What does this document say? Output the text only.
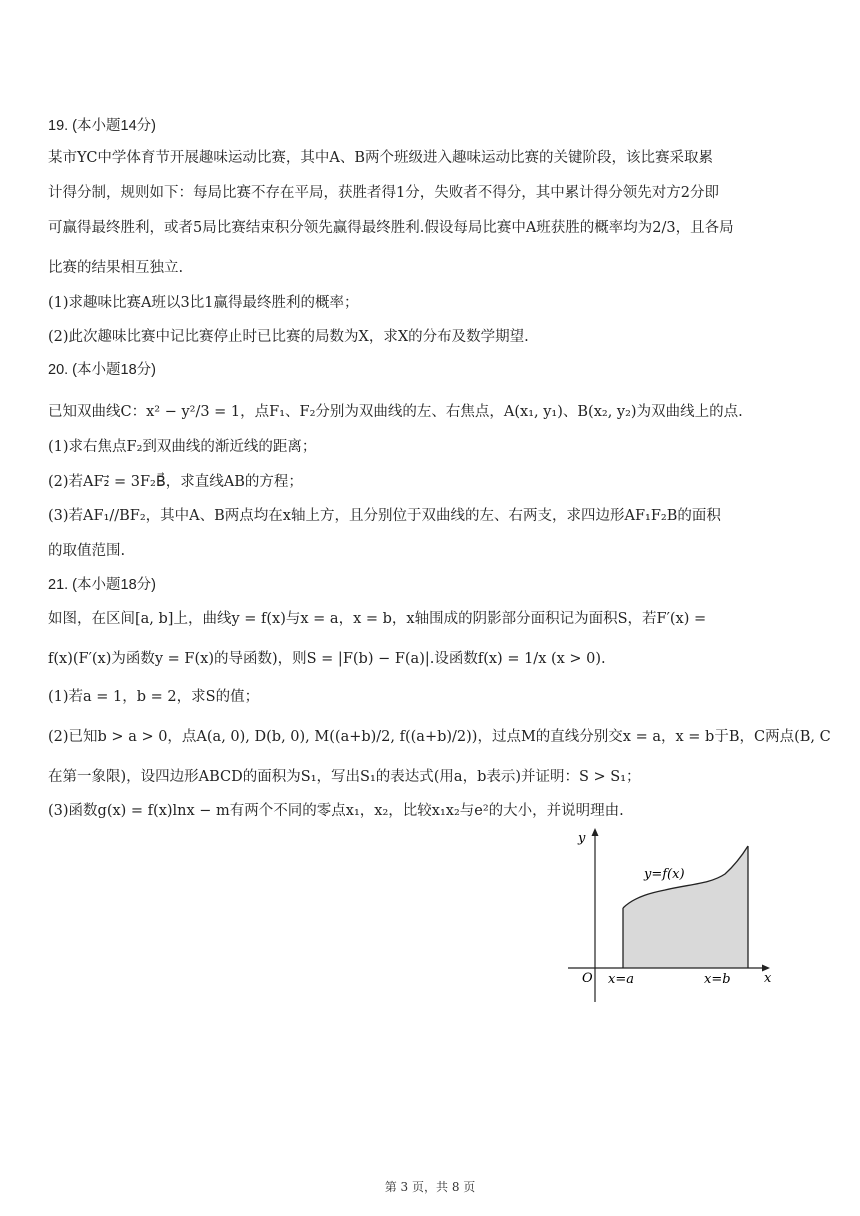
19. (本小题14分)
某市YC中学体育节开展趣味运动比赛，其中A、B两个班级进入趣味运动比赛的关键阶段，该比赛采取累
计得分制，规则如下：每局比赛不存在平局，获胜者得1分，失败者不得分，其中累计得分领先对方2分即
可赢得最终胜利，或者5局比赛结束积分领先赢得最终胜利.假设每局比赛中A班获胜的概率均为2/3，且各局
比赛的结果相互独立.
(1)求趣味比赛A班以3比1赢得最终胜利的概率；
(2)此次趣味比赛中记比赛停止时已比赛的局数为X，求X的分布及数学期望.
20. (本小题18分)
已知双曲线C：x² − y²/3 = 1，点F₁、F₂分别为双曲线的左、右焦点，A(x₁, y₁)、B(x₂, y₂)为双曲线上的点.
(1)求右焦点F₂到双曲线的渐近线的距离；
(2)若AF₂⃗ = 3F₂B⃗，求直线AB的方程；
(3)若AF₁//BF₂，其中A、B两点均在x轴上方，且分别位于双曲线的左、右两支，求四边形AF₁F₂B的面积
的取值范围.
21. (本小题18分)
如图，在区间[a, b]上，曲线y = f(x)与x = a，x = b，x轴围成的阴影部分面积记为面积S，若F′(x) =
f(x)(F′(x)为函数y = F(x)的导函数)，则S = |F(b) − F(a)|.设函数f(x) = 1/x (x > 0).
(1)若a = 1，b = 2，求S的值；
(2)已知b > a > 0，点A(a, 0), D(b, 0), M((a+b)/2, f((a+b)/2))，过点M的直线分别交x = a，x = b于B，C两点(B, C
在第一象限)，设四边形ABCD的面积为S₁，写出S₁的表达式(用a，b表示)并证明：S > S₁；
(3)函数g(x) = f(x)lnx − m有两个不同的零点x₁，x₂，比较x₁x₂与e²的大小，并说明理由.
y
x
O
y=f(x)
x=a	x=b
第 3 页，共 8 页
